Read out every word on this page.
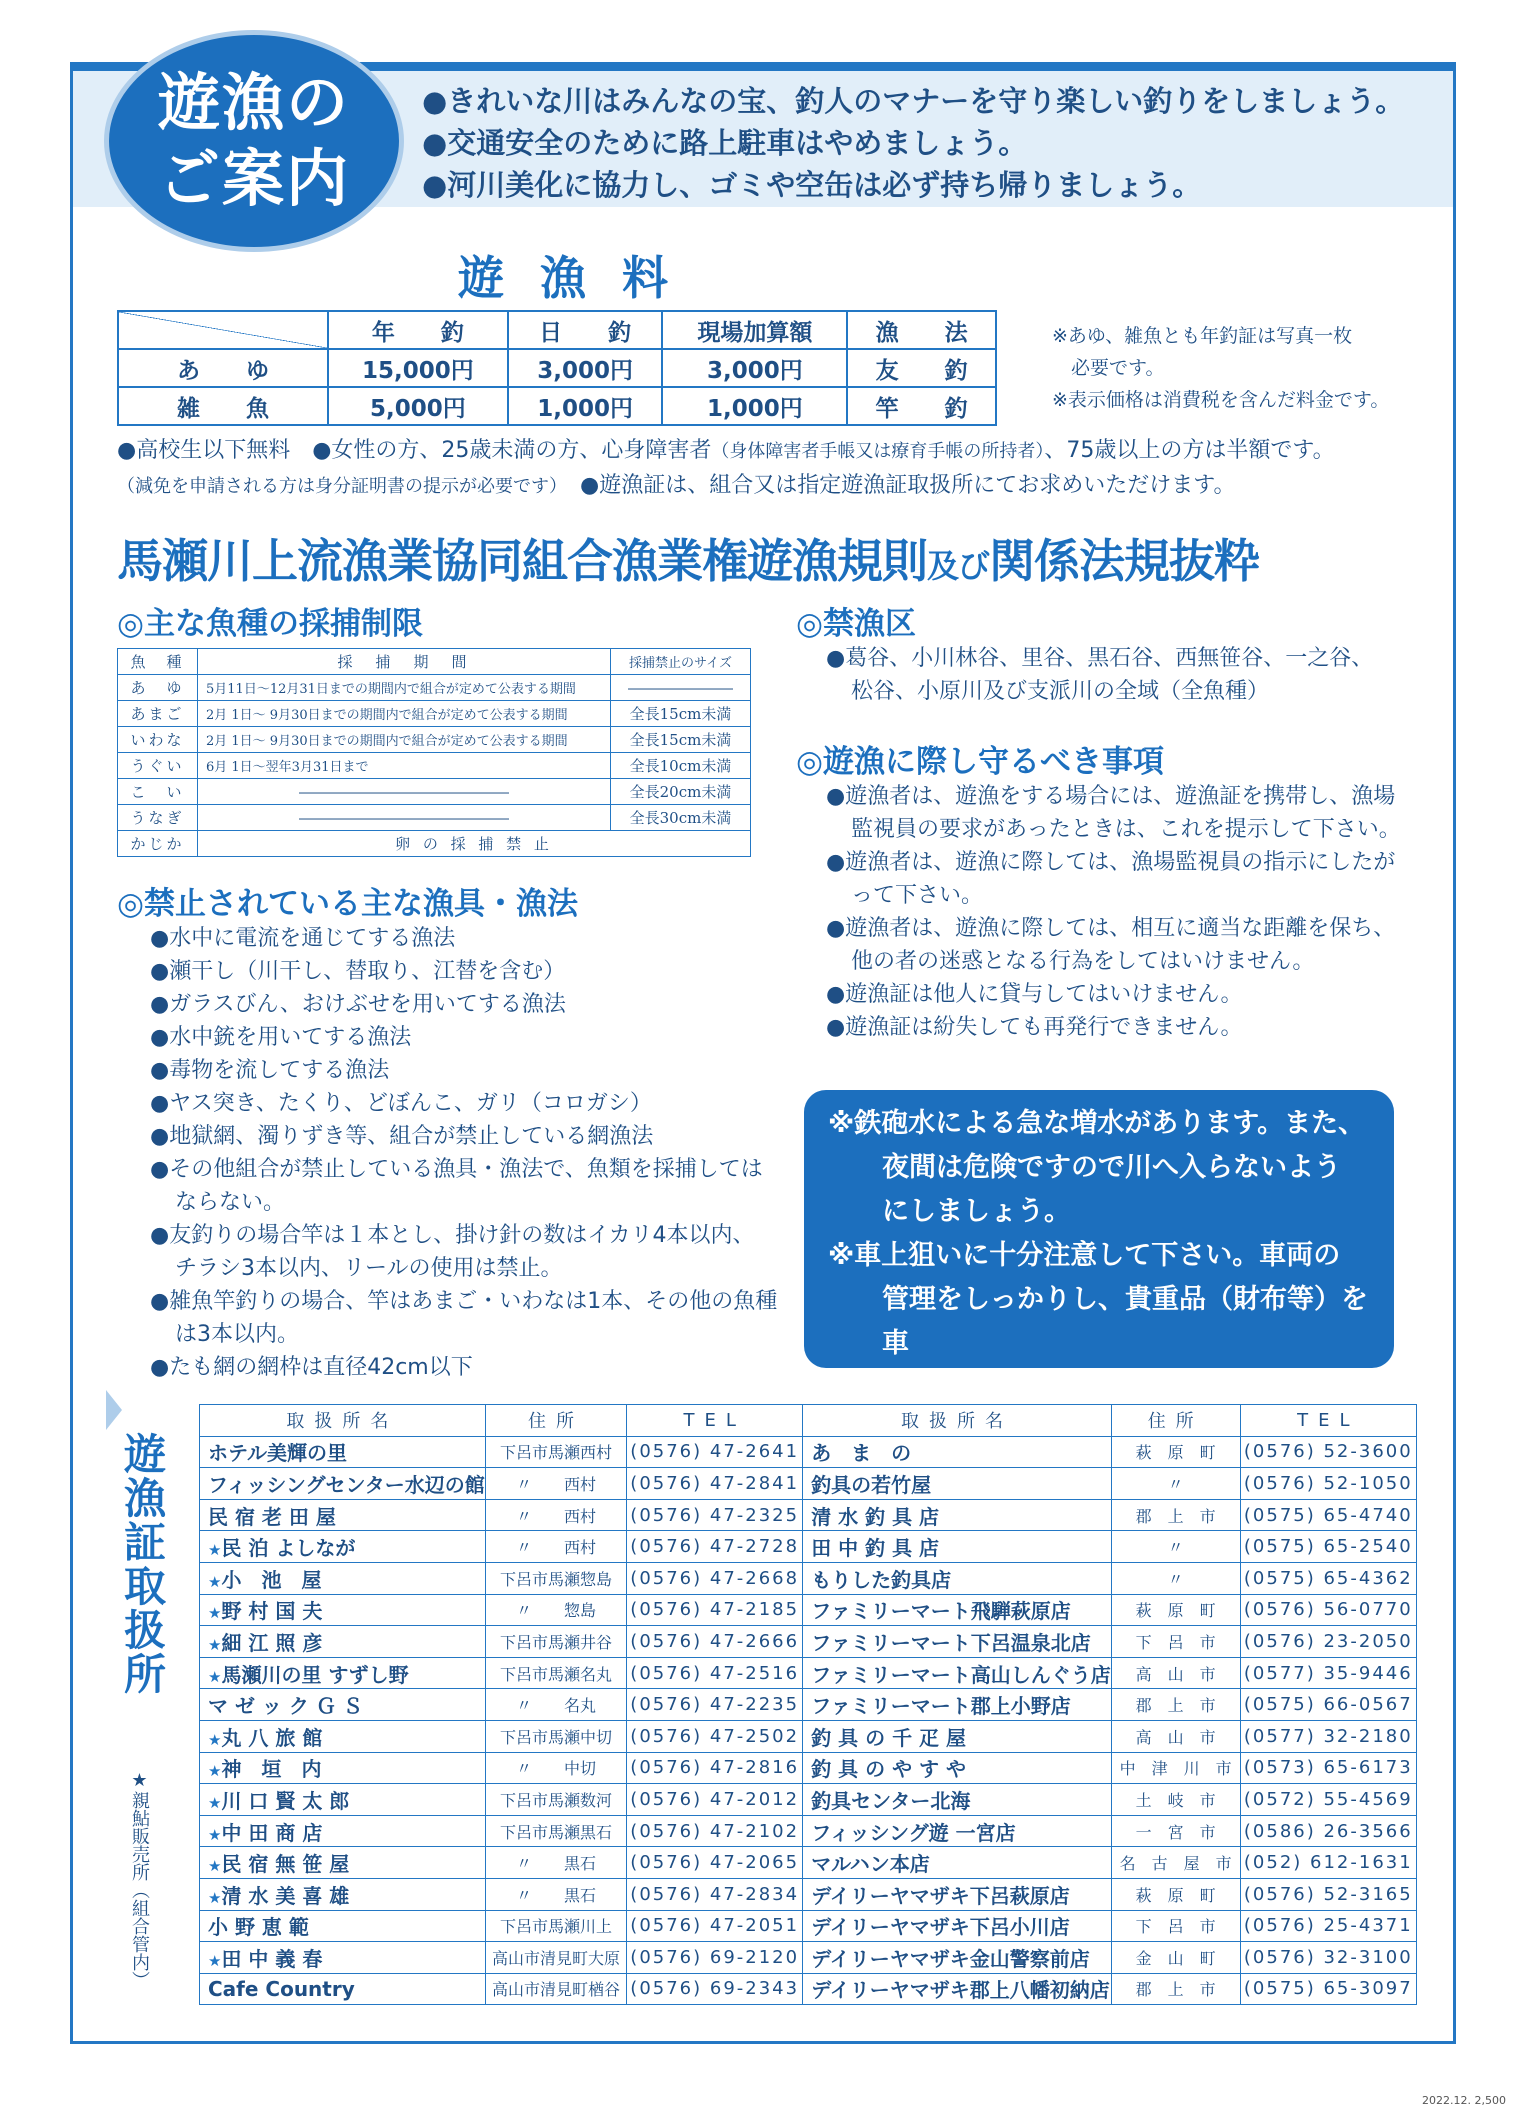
遊漁の
ご案内
●きれいな川はみんなの宝、釣人のマナーを守り楽しい釣りをしましょう。
●交通安全のために路上駐車はやめましょう。
●河川美化に協力し、ゴミや空缶は必ず持ち帰りましょう。
遊 漁 料
	年　　釣	日　　釣	現場加算額	漁　　法
あ　　ゆ	15,000円	3,000円	3,000円	友　　釣
雑　　魚	5,000円	1,000円	1,000円	竿　　釣
※あゆ、雑魚とも年釣証は写真一枚
　必要です。
※表示価格は消費税を含んだ料金です。
●高校生以下無料　●女性の方、25歳未満の方、心身障害者（身体障害者手帳又は療育手帳の所持者）、75歳以上の方は半額です。
（減免を申請される方は身分証明書の提示が必要です）　 ●遊漁証は、組合又は指定遊漁証取扱所にてお求めいただけます。
馬瀬川上流漁業協同組合漁業権遊漁規則及び関係法規抜粋
◎主な魚種の採捕制限
魚　種	採　捕　期　間	採捕禁止のサイズ
あ　ゆ	5月11日～12月31日までの期間内で組合が定めて公表する期間	―――――――
あまご	2月 1日～ 9月30日までの期間内で組合が定めて公表する期間	全長15cm未満
いわな	2月 1日～ 9月30日までの期間内で組合が定めて公表する期間	全長15cm未満
うぐい	6月 1日～翌年3月31日まで	全長10cm未満
こ　い	――――――――――――――	全長20cm未満
うなぎ	――――――――――――――	全長30cm未満
かじか	卵 の 採 捕 禁 止	
◎禁止されている主な漁具・漁法
●水中に電流を通じてする漁法
●瀬干し（川干し、替取り、江替を含む）
●ガラスびん、おけぶせを用いてする漁法
●水中銃を用いてする漁法
●毒物を流してする漁法
●ヤス突き、たくり、どぼんこ、ガリ（コロガシ）
●地獄網、濁りずき等、組合が禁止している網漁法
●その他組合が禁止している漁具・漁法で、魚類を採捕しては
ならない。
●友釣りの場合竿は１本とし、掛け針の数はイカリ4本以内、
チラシ3本以内、リールの使用は禁止。
●雑魚竿釣りの場合、竿はあまご・いわなは1本、その他の魚種
は3本以内。
●たも網の網枠は直径42cm以下
◎禁漁区
●葛谷、小川林谷、里谷、黒石谷、西無笹谷、一之谷、
松谷、小原川及び支派川の全域（全魚種）
◎遊漁に際し守るべき事項
●遊漁者は、遊漁をする場合には、遊漁証を携帯し、漁場
監視員の要求があったときは、これを提示して下さい。
●遊漁者は、遊漁に際しては、漁場監視員の指示にしたが
って下さい。
●遊漁者は、遊漁に際しては、相互に適当な距離を保ち、
他の者の迷惑となる行為をしてはいけません。
●遊漁証は他人に貸与してはいけません。
●遊漁証は紛失しても再発行できません。
※鉄砲水による急な増水があります。また、
夜間は危険ですので川へ入らないよう
にしましょう。
※車上狙いに十分注意して下さい。車両の
管理をしっかりし、貴重品（財布等）を車
内に置かないようにしましょう。
遊漁証取扱所
★親鮎販売所（組合管内）
取扱所名	住所	TEL	取扱所名	住所	TEL
ホテル美輝の里	下呂市馬瀬西村	(0576) 47-2641	あ　ま　の	萩　原　町	(0576) 52-3600
フィッシングセンター水辺の館	〃　　西村	(0576) 47-2841	釣具の若竹屋	〃	(0576) 52-1050
民 宿 老 田 屋	〃　　西村	(0576) 47-2325	清 水 釣 具 店	郡　上　市	(0575) 65-4740
★民 泊 よしなが	〃　　西村	(0576) 47-2728	田 中 釣 具 店	〃	(0575) 65-2540
★小　池　屋	下呂市馬瀬惣島	(0576) 47-2668	もりした釣具店	〃	(0575) 65-4362
★野 村 国 夫	〃　　惣島	(0576) 47-2185	ファミリーマート飛騨萩原店	萩　原　町	(0576) 56-0770
★細 江 照 彦	下呂市馬瀬井谷	(0576) 47-2666	ファミリーマート下呂温泉北店	下　呂　市	(0576) 23-2050
★馬瀬川の里 すずし野	下呂市馬瀬名丸	(0576) 47-2516	ファミリーマート高山しんぐう店	高　山　市	(0577) 35-9446
マ ゼ ッ ク Ｇ Ｓ	〃　　名丸	(0576) 47-2235	ファミリーマート郡上小野店	郡　上　市	(0575) 66-0567
★丸 八 旅 館	下呂市馬瀬中切	(0576) 47-2502	釣 具 の 千 疋 屋	高　山　市	(0577) 32-2180
★神　垣　内	〃　　中切	(0576) 47-2816	釣 具 の や す や	中　津　川　市	(0573) 65-6173
★川 口 賢 太 郎	下呂市馬瀬数河	(0576) 47-2012	釣具センター北海	土　岐　市	(0572) 55-4569
★中 田 商 店	下呂市馬瀬黒石	(0576) 47-2102	フィッシング遊 一宮店	一　宮　市	(0586) 26-3566
★民 宿 無 笹 屋	〃　　黒石	(0576) 47-2065	マルハン本店	名　古　屋　市	(052) 612-1631
★清 水 美 喜 雄	〃　　黒石	(0576) 47-2834	デイリーヤマザキ下呂萩原店	萩　原　町	(0576) 52-3165
小 野 恵 範	下呂市馬瀬川上	(0576) 47-2051	デイリーヤマザキ下呂小川店	下　呂　市	(0576) 25-4371
★田 中 義 春	高山市清見町大原	(0576) 69-2120	デイリーヤマザキ金山警察前店	金　山　町	(0576) 32-3100
Cafe Country	高山市清見町楢谷	(0576) 69-2343	デイリーヤマザキ郡上八幡初納店	郡　上　市	(0575) 65-3097
2022.12. 2,500
